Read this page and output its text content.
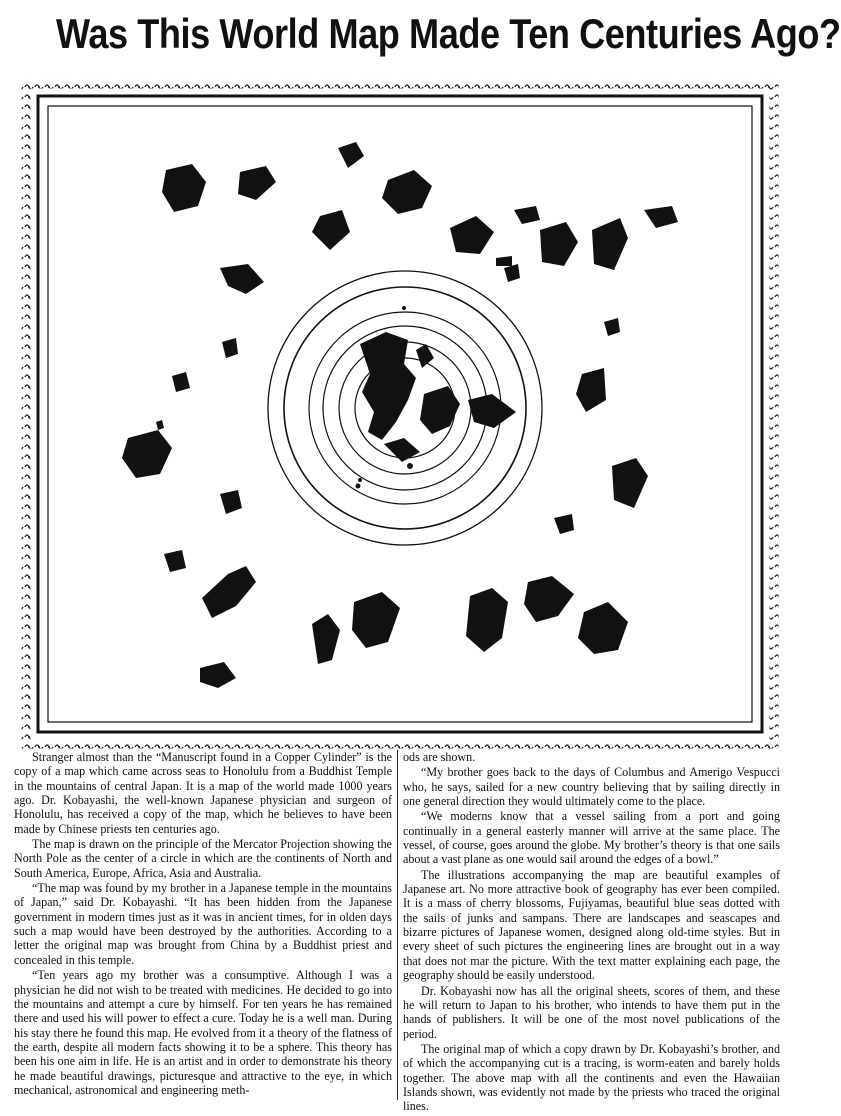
Was This World Map Made Ten Centuries Ago?

Stranger almost than the “Manuscript found in a Copper Cylinder” is the copy of a map which came across seas to Honolulu from a Buddhist Temple in the mountains of central Japan. It is a map of the world made 1000 years ago. Dr. Kobayashi, the well-known Japanese physician and surgeon of Honolulu, has received a copy of the map, which he believes to have been made by Chinese priests ten centuries ago.

The map is drawn on the principle of the Mercator Projection showing the North Pole as the center of a circle in which are the continents of North and South America, Europe, Africa, Asia and Australia.

“The map was found by my brother in a Japanese temple in the mountains of Japan,” said Dr. Kobayashi. “It has been hidden from the Japanese government in modern times just as it was in ancient times, for in olden days such a map would have been destroyed by the authorities. According to a letter the original map was brought from China by a Buddhist priest and concealed in this temple.

“Ten years ago my brother was a consumptive. Although I was a physician he did not wish to be treated with medicines. He decided to go into the mountains and attempt a cure by himself. For ten years he has remained there and used his will power to effect a cure. Today he is a well man. During his stay there he found this map. He evolved from it a theory of the flatness of the earth, despite all modern facts showing it to be a sphere. This theory has been his one aim in life. He is an artist and in order to demonstrate his theory he made beautiful drawings, picturesque and attractive to the eye, in which mechanical, astronomical and engineering meth-

ods are shown.

“My brother goes back to the days of Columbus and Amerigo Vespucci who, he says, sailed for a new country believing that by sailing directly in one general direction they would ultimately come to the place.

“We moderns know that a vessel sailing from a port and going continually in a general easterly manner will arrive at the same place. The vessel, of course, goes around the globe. My brother’s theory is that one sails about a vast plane as one would sail around the edges of a bowl.”

The illustrations accompanying the map are beautiful examples of Japanese art. No more attractive book of geography has ever been compiled. It is a mass of cherry blossoms, Fujiyamas, beautiful blue seas dotted with the sails of junks and sampans. There are landscapes and seascapes and bizarre pictures of Japanese women, designed along old-time styles. But in every sheet of such pictures the engineering lines are brought out in a way that does not mar the picture. With the text matter explaining each page, the geography should be easily understood.

Dr. Kobayashi now has all the original sheets, scores of them, and these he will return to Japan to his brother, who intends to have them put in the hands of publishers. It will be one of the most novel publications of the period.

The original map of which a copy drawn by Dr. Kobayashi’s brother, and of which the accompanying cut is a tracing, is worm-eaten and barely holds together. The above map with all the continents and even the Hawaiian Islands shown, was evidently not made by the priests who traced the original lines.
